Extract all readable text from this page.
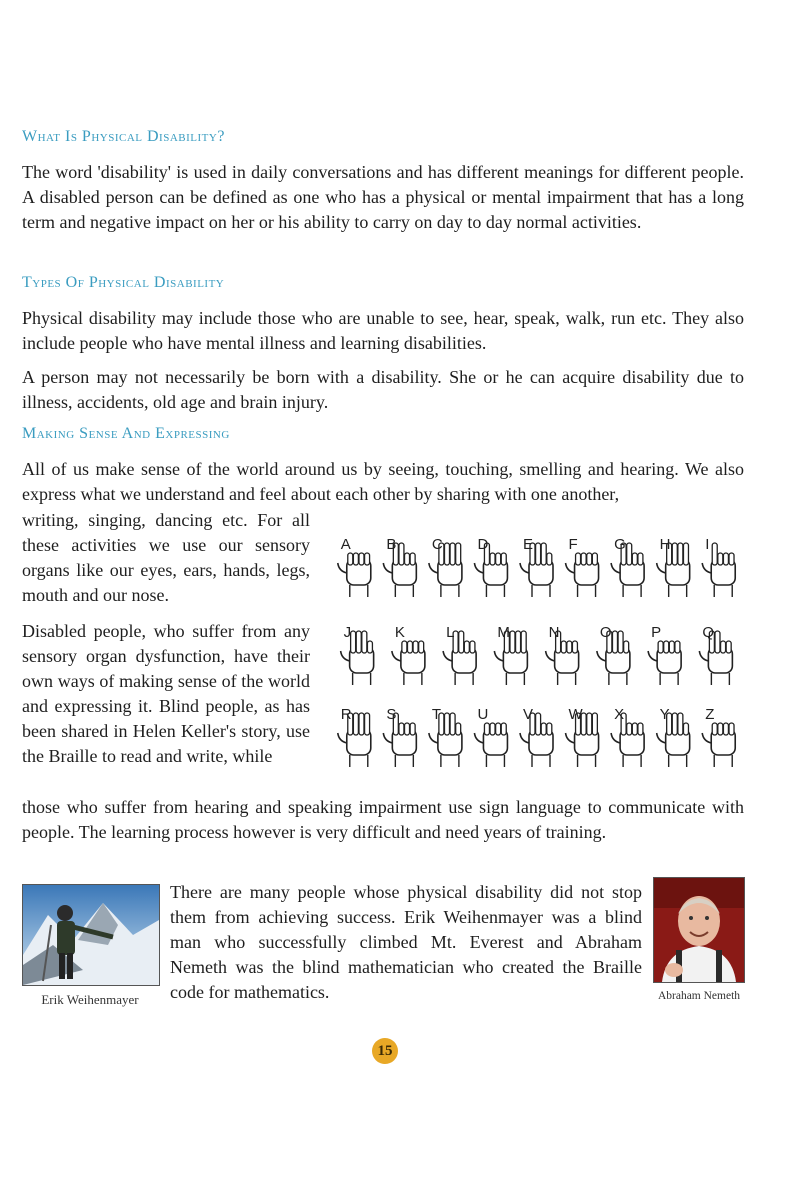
What Is Physical Disability?

The word 'disability' is used in daily conversations and has different meanings for different people. A disabled person can be defined as one who has a physical or mental impairment that has a long term and negative impact on her or his ability to carry on day to day normal activities.

Types Of Physical Disability

Physical disability may include those who are unable to see, hear, speak, walk, run etc. They also include people who have mental illness and learning disabilities.

A person may not necessarily be born with a disability. She or he can acquire disability due to illness, accidents, old age and brain injury.

Making Sense And Expressing

All of us make sense of the world around us by seeing, touching, smelling and hearing. We also express what we understand and feel about each other by sharing with one another,

writing, singing, dancing etc. For all these activities we use our sensory organs like our eyes, ears, hands, legs, mouth and our nose.

Disabled people, who suffer from any sensory organ dysfunction, have their own ways of making sense of the world and expressing it. Blind people, as has been shared in Helen Keller's story, use the Braille to read and write, while

those who suffer from hearing and speaking impairment use sign language to communicate with people. The learning process however is very difficult and need years of training.

A B C D E F G H I
J	K	L	M	N	O	P	Q
R S T U V W X Y Z

Erik Weihenmayer

There are many people whose physical disability did not stop them from achieving success. Erik Weihenmayer was a blind man who successfully climbed Mt. Everest and Abraham Nemeth was the blind mathematician who created the Braille code for mathematics.	Abraham Nemeth

15
